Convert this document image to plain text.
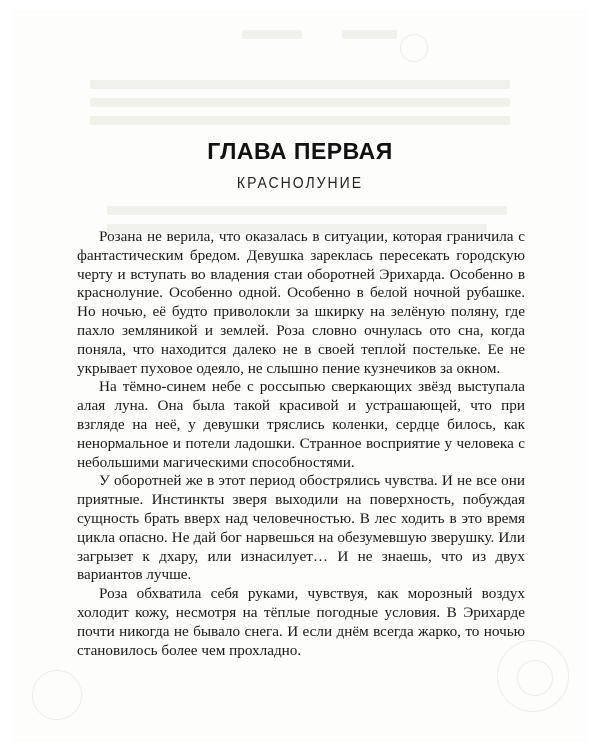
ГЛАВА ПЕРВАЯ
КРАСНОЛУНИЕ

Розана не верила, что оказалась в ситуации, которая граничила с фантастическим бредом. Девушка зареклась пересекать городскую черту и вступать во владения стаи оборотней Эрихарда. Особенно в краснолуние. Особенно одной. Особенно в белой ночной рубашке. Но ночью, её будто приволокли за шкирку на зелёную поляну, где пахло земляникой и землей. Роза словно очнулась ото сна, когда поняла, что находится далеко не в своей теплой постельке. Ее не укрывает пуховое одеяло, не слышно пение кузнечиков за окном.

На тёмно-синем небе с россыпью сверкающих звёзд выступала алая луна. Она была такой красивой и устрашающей, что при взгляде на неё, у девушки тряслись коленки, сердце билось, как ненормальное и потели ладошки. Странное восприятие у человека с небольшими магическими способностями.

У оборотней же в этот период обострялись чувства. И не все они приятные. Инстинкты зверя выходили на поверхность, побуждая сущность брать вверх над человечностью. В лес ходить в это время цикла опасно. Не дай бог нарвешься на обезумевшую зверушку. Или загрызет к дхару, или изнасилует… И не знаешь, что из двух вариантов лучше.

Роза обхватила себя руками, чувствуя, как морозный воздух холодит кожу, несмотря на тёплые погодные условия. В Эрихарде почти никогда не бывало снега. И если днём всегда жарко, то ночью становилось более чем прохладно.
